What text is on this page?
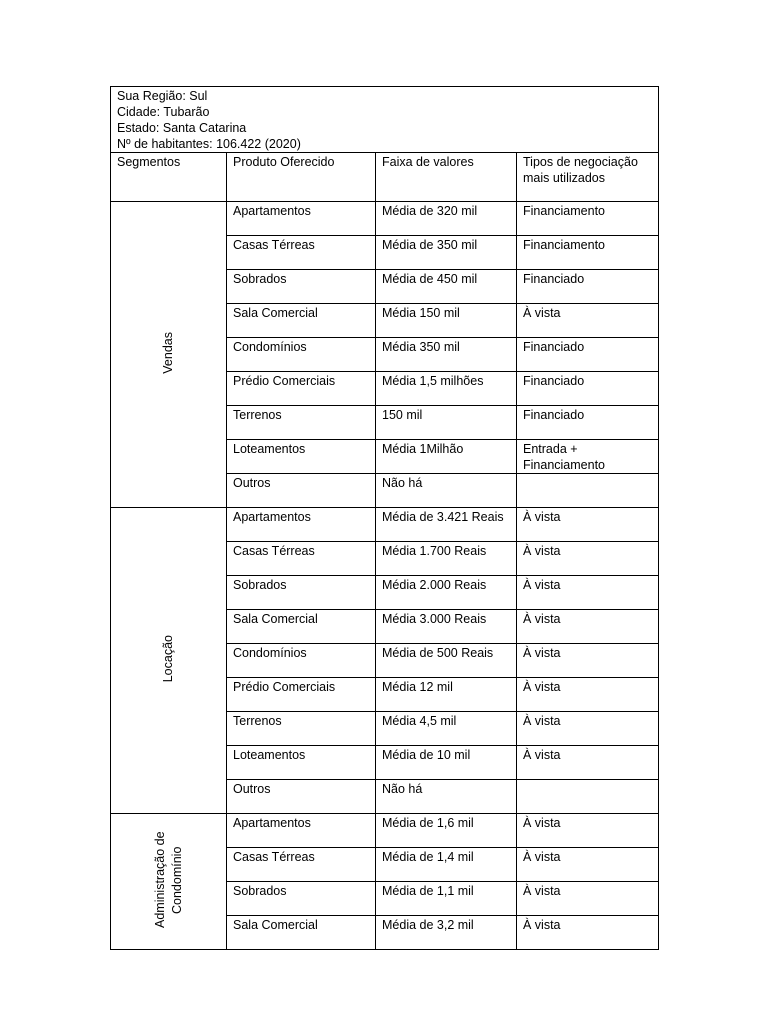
Sua Região: Sul
Cidade: Tubarão
Estado: Santa Catarina
Nº de habitantes: 106.422 (2020)			

Segmentos	Produto Oferecido	Faixa de valores	Tipos de negociação mais utilizados
Vendas	Apartamentos	Média de 320 mil	Financiamento
	Casas Térreas	Média de 350 mil	Financiamento
	Sobrados	Média de 450 mil	Financiado
	Sala Comercial	Média 150 mil	À vista
	Condomínios	Média 350 mil	Financiado
	Prédio Comerciais	Média 1,5 milhões	Financiado
	Terrenos	150 mil	Financiado
	Loteamentos	Média 1Milhão	Entrada + Financiamento
	Outros	Não há	
Locação	Apartamentos	Média de 3.421 Reais	À vista
	Casas Térreas	Média 1.700 Reais	À vista
	Sobrados	Média 2.000 Reais	À vista
	Sala Comercial	Média 3.000 Reais	À vista
	Condomínios	Média de 500 Reais	À vista
	Prédio Comerciais	Média 12 mil	À vista
	Terrenos	Média 4,5 mil	À vista
	Loteamentos	Média de 10 mil	À vista
	Outros	Não há	
Administração de Condomínio	Apartamentos	Média de 1,6 mil	À vista
	Casas Térreas	Média de 1,4 mil	À vista
	Sobrados	Média de 1,1 mil	À vista
	Sala Comercial	Média de 3,2 mil	À vista
